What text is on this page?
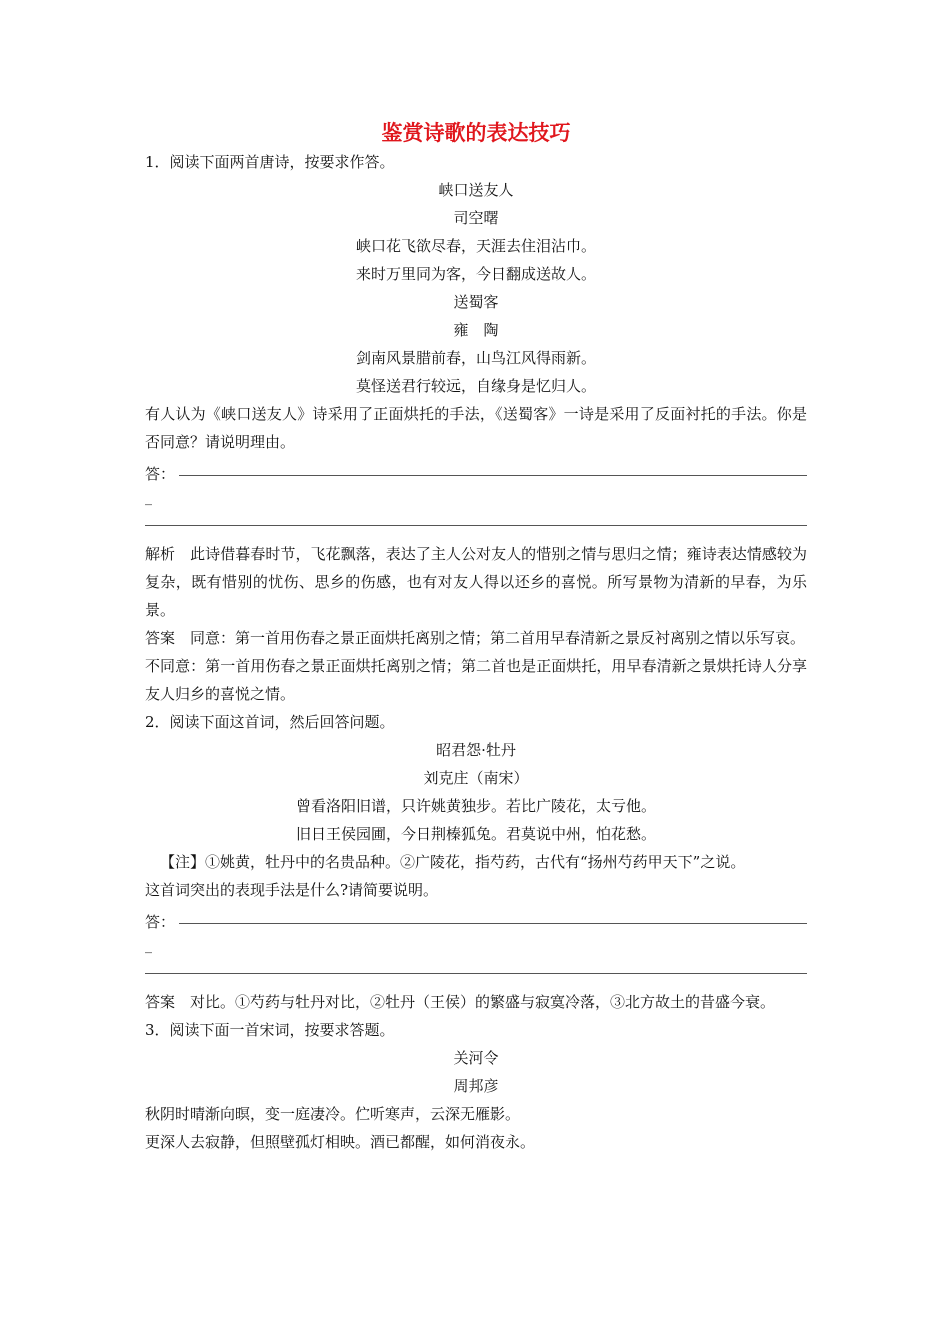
鉴赏诗歌的表达技巧

1．阅读下面两首唐诗，按要求作答。

峡口送友人

司空曙

峡口花飞欲尽春，天涯去住泪沾巾。

来时万里同为客，今日翻成送故人。

送蜀客

雍　陶

剑南风景腊前春，山鸟江风得雨新。

莫怪送君行较远，自缘身是忆归人。

有人认为《峡口送友人》诗采用了正面烘托的手法，《送蜀客》一诗是采用了反面衬托的手法。你是否同意？请说明理由。

答：
_

解析　此诗借暮春时节，飞花飘落，表达了主人公对友人的惜别之情与思归之情；雍诗表达情感较为复杂，既有惜别的忧伤、思乡的伤感，也有对友人得以还乡的喜悦。所写景物为清新的早春，为乐景。

答案　同意：第一首用伤春之景正面烘托离别之情；第二首用早春清新之景反衬离别之情以乐写哀。

不同意：第一首用伤春之景正面烘托离别之情；第二首也是正面烘托，用早春清新之景烘托诗人分享友人归乡的喜悦之情。

2．阅读下面这首词，然后回答问题。

昭君怨·牡丹

刘克庄（南宋）

曾看洛阳旧谱，只许姚黄独步。若比广陵花，太亏他。

旧日王侯园圃，今日荆榛狐兔。君莫说中州，怕花愁。

【注】①姚黄，牡丹中的名贵品种。②广陵花，指芍药，古代有“扬州芍药甲天下”之说。

这首词突出的表现手法是什么?请简要说明。

答：
_

答案　对比。①芍药与牡丹对比，②牡丹（王侯）的繁盛与寂寞冷落，③北方故土的昔盛今衰。

3．阅读下面一首宋词，按要求答题。

关河令

周邦彦

秋阴时晴渐向暝，变一庭凄冷。伫听寒声，云深无雁影。

更深人去寂静，但照壁孤灯相映。酒已都醒，如何消夜永。
